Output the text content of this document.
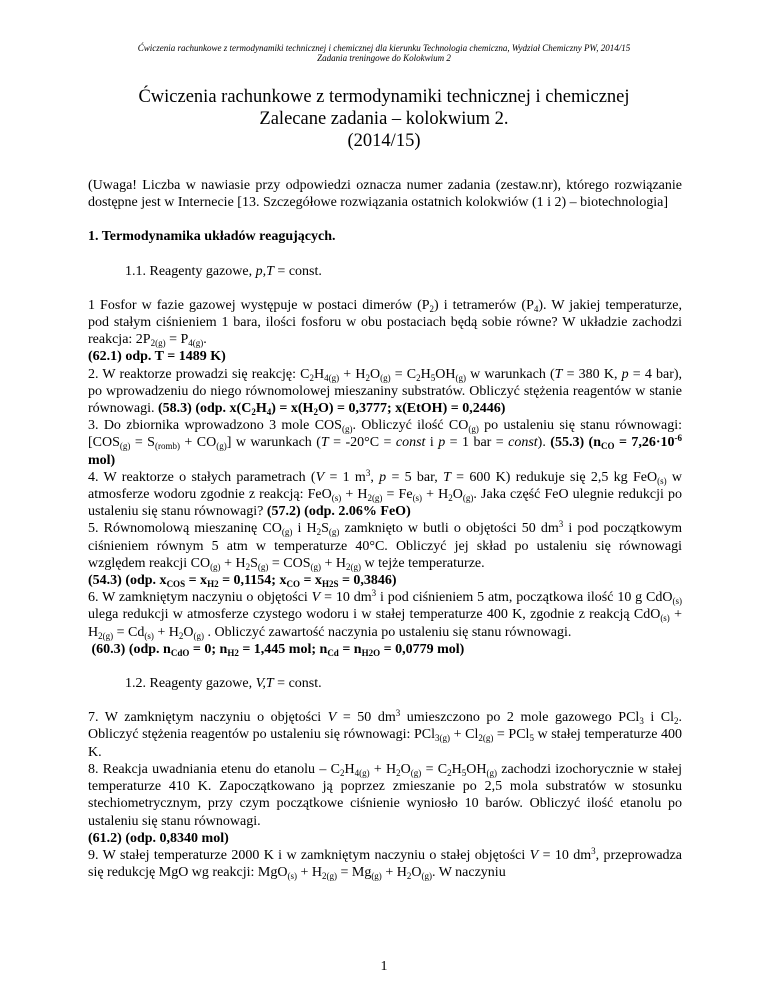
Ćwiczenia rachunkowe z termodynamiki technicznej i chemicznej dla kierunku Technologia chemiczna, Wydział Chemiczny PW, 2014/15
Zadania treningowe do Kolokwium 2
Ćwiczenia rachunkowe z termodynamiki technicznej i chemicznej
Zalecane zadania – kolokwium 2.
(2014/15)

(Uwaga! Liczba w nawiasie przy odpowiedzi oznacza numer zadania (zestaw.nr), którego rozwiązanie dostępne jest w Internecie [13. Szczegółowe rozwiązania ostatnich kolokwiów (1 i 2) – biotechnologia]

1. Termodynamika układów reagujących.

1.1. Reagenty gazowe, p,T = const.

1 Fosfor w fazie gazowej występuje w postaci dimerów $(P_2)$ i tetramerów $(P_4)$. W jakiej temperaturze, pod stałym ciśnieniem 1 bara, ilości fosforu w obu postaciach będą sobie równe? W układzie zachodzi reakcja: $2P_{2(g)} = P_{4(g)}$.
(62.1) odp. T = 1489 K)

2. W reaktorze prowadzi się reakcję: $C_2H_{4(g)} + H_2O_{(g)} = C_2H_5OH_{(g)}$ w warunkach (T = 380 K, p = 4 bar), po wprowadzeniu do niego równomolowej mieszaniny substratów. Obliczyć stężenia reagentów w stanie równowagi. (58.3) (odp. $x(C_2H_4) = x(H_2O) = 0,3777$; x(EtOH) = 0,2446)

3. Do zbiornika wprowadzono 3 mole $COS_{(g)}$. Obliczyć ilość $CO_{(g)}$ po ustaleniu się stanu równowagi: $[COS_{(g)} = S_{(romb)} + CO_{(g)}]$ w warunkach (T = -20°C = const i p = 1 bar = const). (55.3) ($n_{CO} = 7,26\cdot 10^{-6}$ mol)

4. W reaktorze o stałych parametrach (V = 1 $m^3$, p = 5 bar, T = 600 K) redukuje się 2,5 kg FeO$_{(s)}$ w atmosferze wodoru zgodnie z reakcją: $FeO_{(s)} + H_{2(g)} = Fe_{(s)} + H_2O_{(g)}$. Jaka część FeO ulegnie redukcji po ustaleniu się stanu równowagi? (57.2) (odp. 2.06% FeO)

5. Równomolową mieszaninę $CO_{(g)}$ i $H_2S_{(g)}$ zamknięto w butli o objętości 50 $dm^3$ i pod początkowym ciśnieniem równym 5 atm w temperaturze 40°C. Obliczyć jej skład po ustaleniu się równowagi względem reakcji $CO_{(g)} + H_2S_{(g)} = COS_{(g)} + H_{2(g)}$ w tejże temperaturze.
(54.3) (odp. $x_{COS} = x_{H2} = 0,1154$; $x_{CO} = x_{H2S} = 0,3846$)

6. W zamkniętym naczyniu o objętości V = 10 $dm^3$ i pod ciśnieniem 5 atm, początkowa ilość 10 g CdO$_{(s)}$ ulega redukcji w atmosferze czystego wodoru i w stałej temperaturze 400 K, zgodnie z reakcją $CdO_{(s)} + H_{2(g)} = Cd_{(s)} + H_2O_{(g)}$ . Obliczyć zawartość naczynia po ustaleniu się stanu równowagi.
(60.3) (odp. $n_{CdO} = 0$; $n_{H2} = 1,445$ mol; $n_{Cd} = n_{H2O} = 0,0779$ mol)

1.2. Reagenty gazowe, V,T = const.

7. W zamkniętym naczyniu o objętości V = 50 $dm^3$ umieszczono po 2 mole gazowego PCl$_3$ i $Cl_2$. Obliczyć stężenia reagentów po ustaleniu się równowagi: $PCl_{3(g)} + Cl_{2(g)} = PCl_5$ w stałej temperaturze 400 K.

8. Reakcja uwadniania etenu do etanolu – $C_2H_{4(g)} + H_2O_{(g)} = C_2H_5OH_{(g)}$ zachodzi izochorycznie w stałej temperaturze 410 K. Zapoczątkowano ją poprzez zmieszanie po 2,5 mola substratów w stosunku stechiometrycznym, przy czym początkowe ciśnienie wyniosło 10 barów. Obliczyć ilość etanolu po ustaleniu się stanu równowagi.
(61.2) (odp. 0,8340 mol)

9. W stałej temperaturze 2000 K i w zamkniętym naczyniu o stałej objętości V = 10 $dm^3$, przeprowadza się redukcję MgO wg reakcji: $MgO_{(s)} + H_{2(g)} = Mg_{(g)} + H_2O_{(g)}$. W naczyniu

1
